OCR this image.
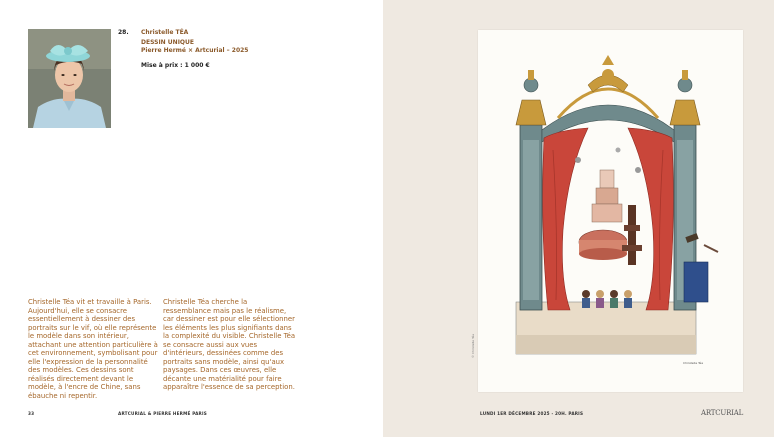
28. Christelle TÉA
DESSIN UNIQUE
Pierre Hermé × Artcurial – 2025
Mise à prix : 1 000 €
Christelle Téa vit et travaille à Paris. Aujourd'hui, elle se consacre essentiellement à dessiner des portraits sur le vif, où elle représente le modèle dans son intérieur, attachant une attention particulière à cet environnement, symbolisant pour elle l'expression de la personnalité des modèles. Ces dessins sont réalisés directement devant le modèle, à l'encre de Chine, sans ébauche ni repentir.
Christelle Téa cherche la ressemblance mais pas le réalisme, car dessiner est pour elle sélectionner les éléments les plus signifiants dans la complexité du visible. Christelle Téa se consacre aussi aux vues d'intérieurs, dessinées comme des portraits sans modèle, ainsi qu'aux paysages. Dans ces œuvres, elle décante une matérialité pour faire apparaître l'essence de sa perception.
33	ARTCURIAL & PIERRE HERMÉ PARIS
Christelle Téa
© Christelle Téa
LUNDI 1ER DÉCEMBRE 2025 - 20H. PARIS	ARTCURIAL
